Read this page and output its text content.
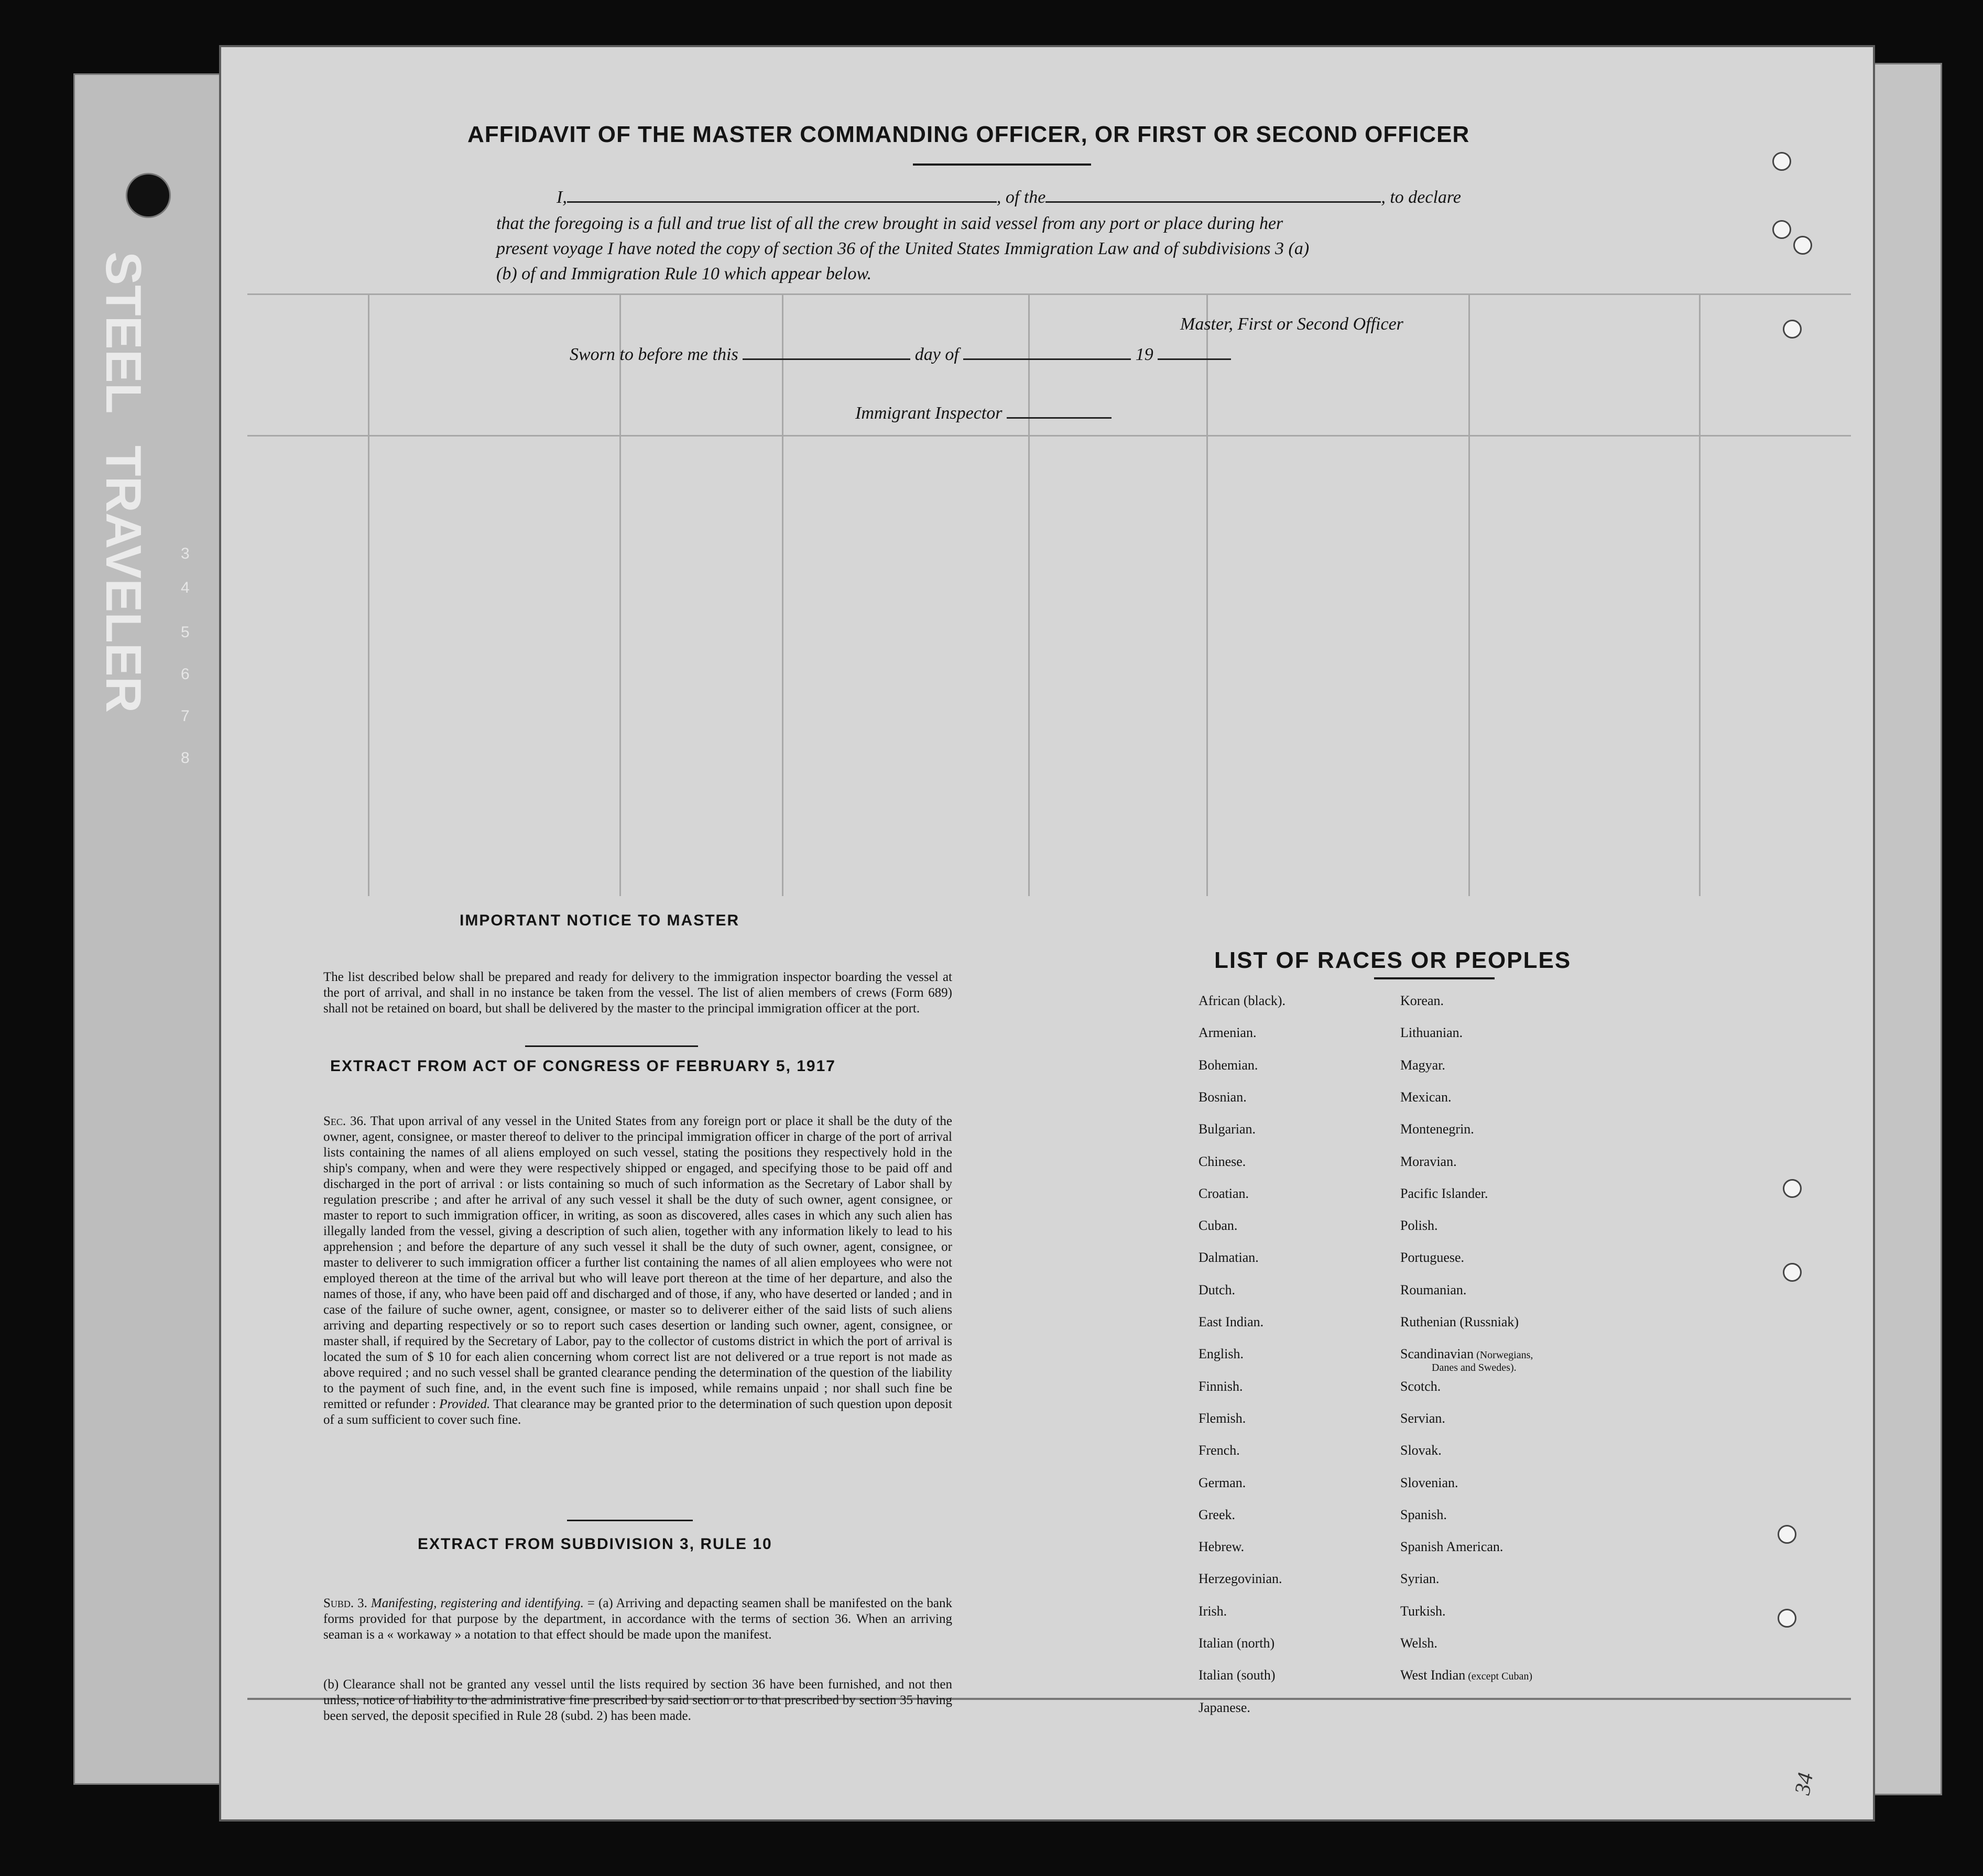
STEEL
TRAVELER 3
4
5
6
7
8
AFFIDAVIT OF THE MASTER COMMANDING OFFICER, OR FIRST OR SECOND OFFICER
I,	, of the	, to declare
that the foregoing is a full and true list of all the crew brought in said vessel from any port or place during her
present voyage I have noted the copy of section 36 of the United States Immigration Law and of subdivisions 3 (a)
(b) of and Immigration Rule 10 which appear below.
Master, First or Second Officer
Sworn to before me this	day of	19
Immigrant Inspector
IMPORTANT NOTICE TO MASTER
The list described below shall be prepared and ready for delivery to the immigration inspector boarding the vessel at the port of arrival, and shall in no instance be taken from the vessel. The list of alien members of crews (Form 689) shall not be retained on board, but shall be delivered by the master to the principal immigration officer at the port.
EXTRACT FROM ACT OF CONGRESS OF FEBRUARY 5, 1917
Sec. 36. That upon arrival of any vessel in the United States from any foreign port or place it shall be the duty of the owner, agent, consignee, or master thereof to deliver to the principal immigration officer in charge of the port of arrival lists containing the names of all aliens employed on such vessel, stating the positions they respectively hold in the ship's company, when and were they were respectively shipped or engaged, and specifying those to be paid off and discharged in the port of arrival : or lists containing so much of such information as the Secretary of Labor shall by regulation prescribe ; and after he arrival of any such vessel it shall be the duty of such owner, agent consignee, or master to report to such immigration officer, in writing, as soon as discovered, alles cases in which any such alien has illegally landed from the vessel, giving a description of such alien, together with any information likely to lead to his apprehension ; and before the departure of any such vessel it shall be the duty of such owner, agent, consignee, or master to deliverer to such immigration officer a further list containing the names of all alien employees who were not employed thereon at the time of the arrival but who will leave port thereon at the time of her departure, and also the names of those, if any, who have been paid off and discharged and of those, if any, who have deserted or landed ; and in case of the failure of suche owner, agent, consignee, or master so to deliverer either of the said lists of such aliens arriving and departing respectively or so to report such cases desertion or landing such owner, agent, consignee, or master shall, if required by the Secretary of Labor, pay to the collector of customs district in which the port of arrival is located the sum of $ 10 for each alien concerning whom correct list are not delivered or a true report is not made as above required ; and no such vessel shall be granted clearance pending the determination of the question of the liability to the payment of such fine, and, in the event such fine is imposed, while remains unpaid ; nor shall such fine be remitted or refunder : Provided. That clearance may be granted prior to the determination of such question upon deposit of a sum sufficient to cover such fine.
EXTRACT FROM SUBDIVISION 3, RULE 10
Subd. 3. Manifesting, registering and identifying. = (a) Arriving and depacting seamen shall be manifested on the bank forms provided for that purpose by the department, in accordance with the terms of section 36. When an arriving seaman is a « workaway » a notation to that effect should be made upon the manifest.
(b) Clearance shall not be granted any vessel until the lists required by section 36 have been furnished, and not then unless, notice of liability to the administrative fine prescribed by said section or to that prescribed by section 35 having been served, the deposit specified in Rule 28 (subd. 2) has been made.
LIST OF RACES OR PEOPLES
34
African (black).
Armenian.
Bohemian.
Bosnian.
Bulgarian.
Chinese.
Croatian.
Cuban.
Dalmatian.
Dutch.
East Indian.
English.
Finnish.
Flemish.
French.
German.
Greek.
Hebrew.
Herzegovinian.
Irish.
Italian (north)
Italian (south)
Japanese.
Korean.
Lithuanian.
Magyar.
Mexican.
Montenegrin.
Moravian.
Pacific Islander.
Polish.
Portuguese.
Roumanian.
Ruthenian (Russniak)
Scandinavian (Norwegians,
Danes and Swedes).
Scotch.
Servian.
Slovak.
Slovenian.
Spanish.
Spanish American.
Syrian.
Turkish.
Welsh.
West Indian (except Cuban)
